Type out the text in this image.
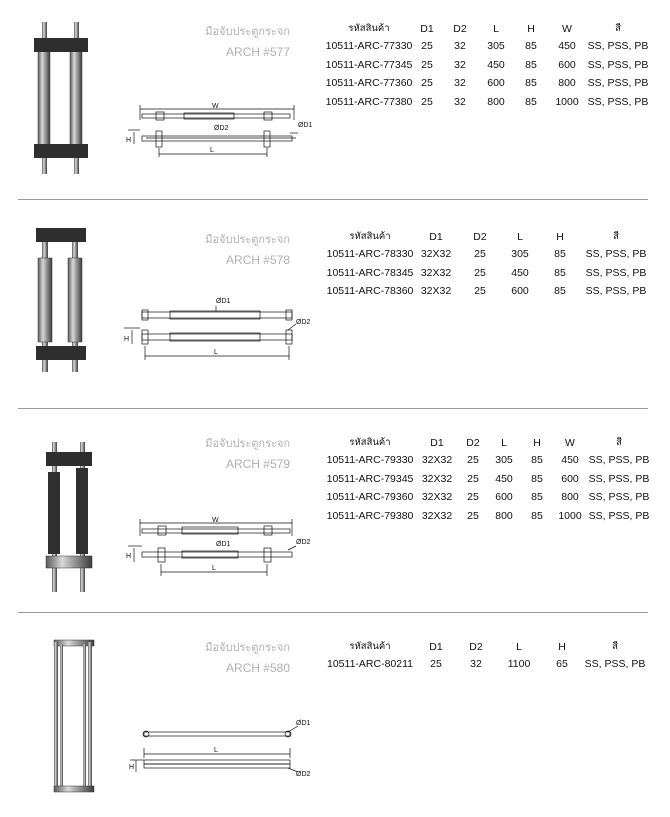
มือจับประตูกระจก
ARCH #577
รหัสสินค้า	D1	D2	L	H	W	สี
10511-ARC-77330	25	32	305	85	450	SS, PSS, PB
10511-ARC-77345	25	32	450	85	600	SS, PSS, PB
10511-ARC-77360	25	32	600	85	800	SS, PSS, PB
10511-ARC-77380	25	32	800	85	1000	SS, PSS, PB
W
ØD2	ØD1
H
L
มือจับประตูกระจก
ARCH #578
รหัสสินค้า	D1	D2	L	H	สี
10511-ARC-78330	32X32	25	305	85	SS, PSS, PB
10511-ARC-78345	32X32	25	450	85	SS, PSS, PB
10511-ARC-78360	32X32	25	600	85	SS, PSS, PB
ØD1
ØD2
H
L
มือจับประตูกระจก
ARCH #579
รหัสสินค้า	D1	D2	L	H	W	สี
10511-ARC-79330	32X32	25	305	85	450	SS, PSS, PB
10511-ARC-79345	32X32	25	450	85	600	SS, PSS, PB
10511-ARC-79360	32X32	25	600	85	800	SS, PSS, PB
10511-ARC-79380	32X32	25	800	85	1000	SS, PSS, PB
W
ØD1	ØD2
H
L
มือจับประตูกระจก
ARCH #580
รหัสสินค้า	D1	D2	L	H	สี
10511-ARC-80211	25	32	1100	65	SS, PSS, PB
ØD1
L
H
ØD2
